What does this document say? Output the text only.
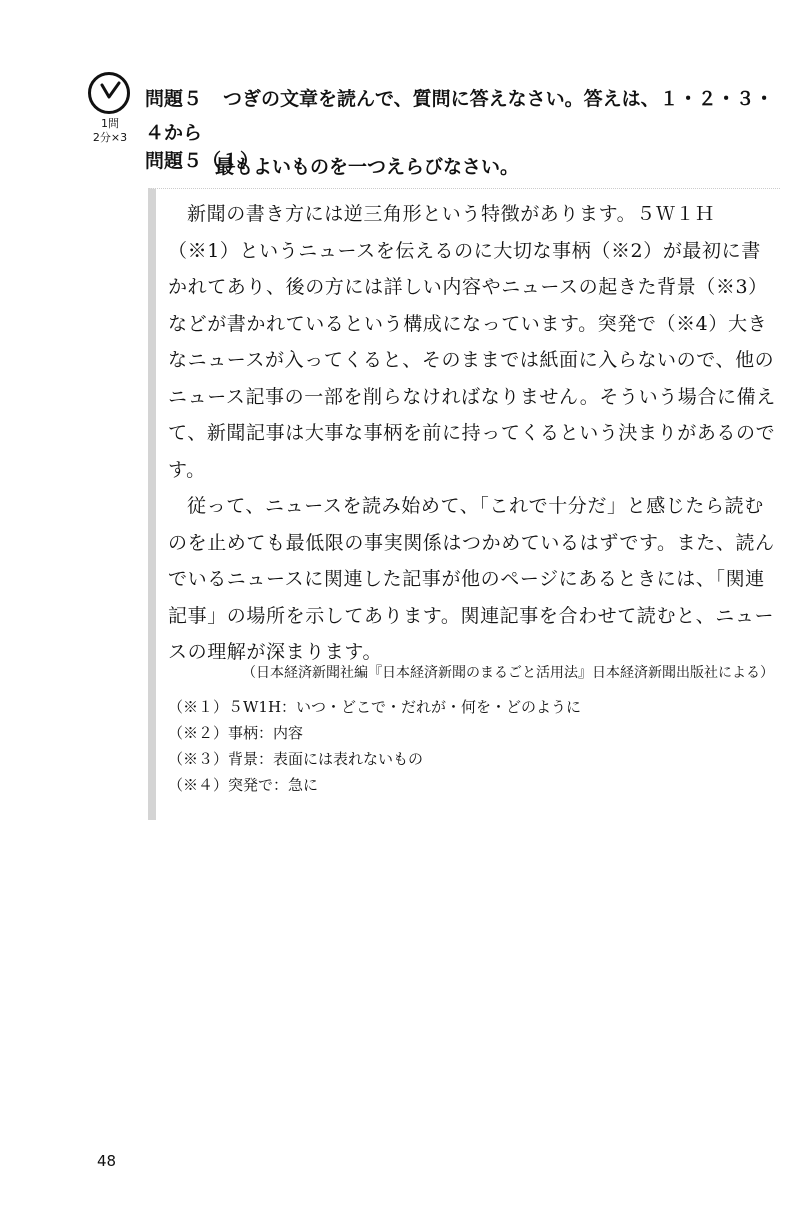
1問
2分×3
問題５ つぎの文章を読んで、質問に答えなさい。答えは、１・２・３・４から
最もよいものを一つえらびなさい。
問題５（１）

新聞の書き方には逆三角形という特徴があります。５Ｗ１Ｈ（※1）というニュースを伝えるのに大切な事柄（※2）が最初に書かれてあり、後の方には詳しい内容やニュースの起きた背景（※3）などが書かれているという構成になっています。突発で（※4）大きなニュースが入ってくると、そのままでは紙面に入らないので、他のニュース記事の一部を削らなければなりません。そういう場合に備えて、新聞記事は大事な事柄を前に持ってくるという決まりがあるのです。

従って、ニュースを読み始めて、「これで十分だ」と感じたら読むのを止めても最低限の事実関係はつかめているはずです。また、読んでいるニュースに関連した記事が他のページにあるときには、「関連記事」の場所を示してあります。関連記事を合わせて読むと、ニュースの理解が深まります。

（日本経済新聞社編『日本経済新聞のまるごと活用法』日本経済新聞出版社による）
（※１）５W1H：いつ・どこで・だれが・何を・どのように
（※２）事柄：内容
（※３）背景：表面には表れないもの
（※４）突発で：急に
48
